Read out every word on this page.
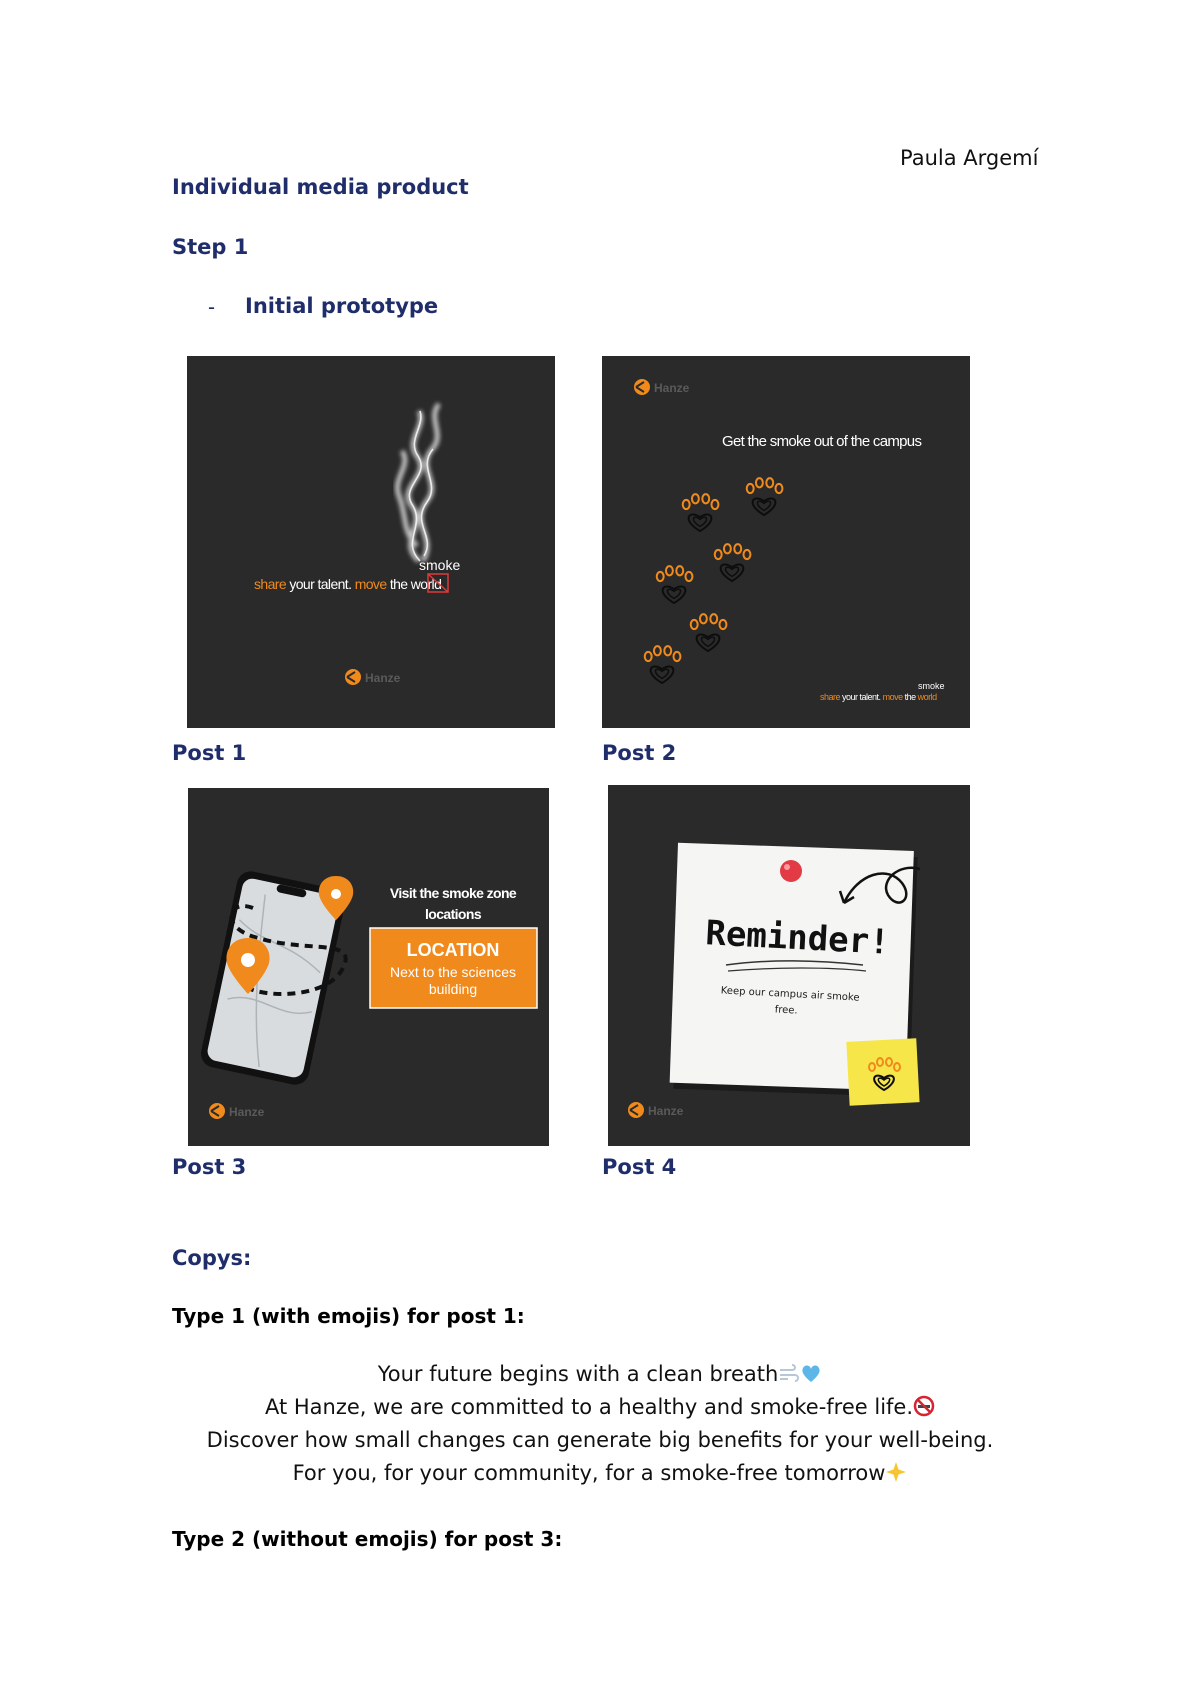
Paula Argemí
Individual media product
Step 1
- Initial prototype
smoke
share your talent. move the world
Hanze
Post 1
Hanze
Get the smoke out of the campus
smoke
share your talent. move the world
Post 2
Visit the smoke zone
locations
LOCATION
Next to the sciences
building
Hanze
Post 3
Reminder!
Keep our campus air smoke
free.
Hanze
Post 4
Copys:
Type 1 (with emojis) for post 1:
Your future begins with a clean breath
At Hanze, we are committed to a healthy and smoke-free life.
Discover how small changes can generate big benefits for your well-being.
For you, for your community, for a smoke-free tomorrow
Type 2 (without emojis) for post 3:
